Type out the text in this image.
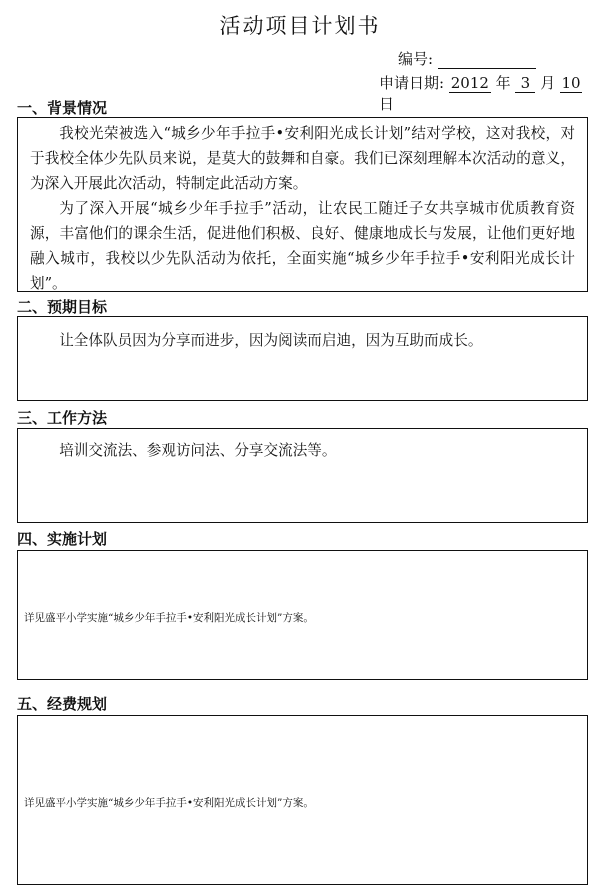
活动项目计划书
编号:
申请日期: 2012 年 3 月 10 日
一、背景情况

我校光荣被选入“城乡少年手拉手•安利阳光成长计划”结对学校，这对我校，对于我校全体少先队员来说，是莫大的鼓舞和自豪。我们已深刻理解本次活动的意义，为深入开展此次活动，特制定此活动方案。

为了深入开展“城乡少年手拉手”活动，让农民工随迁子女共享城市优质教育资源，丰富他们的课余生活，促进他们积极、良好、健康地成长与发展，让他们更好地融入城市，我校以少先队活动为依托，全面实施“城乡少年手拉手•安利阳光成长计划”。

二、预期目标

让全体队员因为分享而进步，因为阅读而启迪，因为互助而成长。

三、工作方法

培训交流法、参观访问法、分享交流法等。

四、实施计划
详见盛平小学实施“城乡少年手拉手•安利阳光成长计划”方案。
五、经费规划
详见盛平小学实施“城乡少年手拉手•安利阳光成长计划”方案。
